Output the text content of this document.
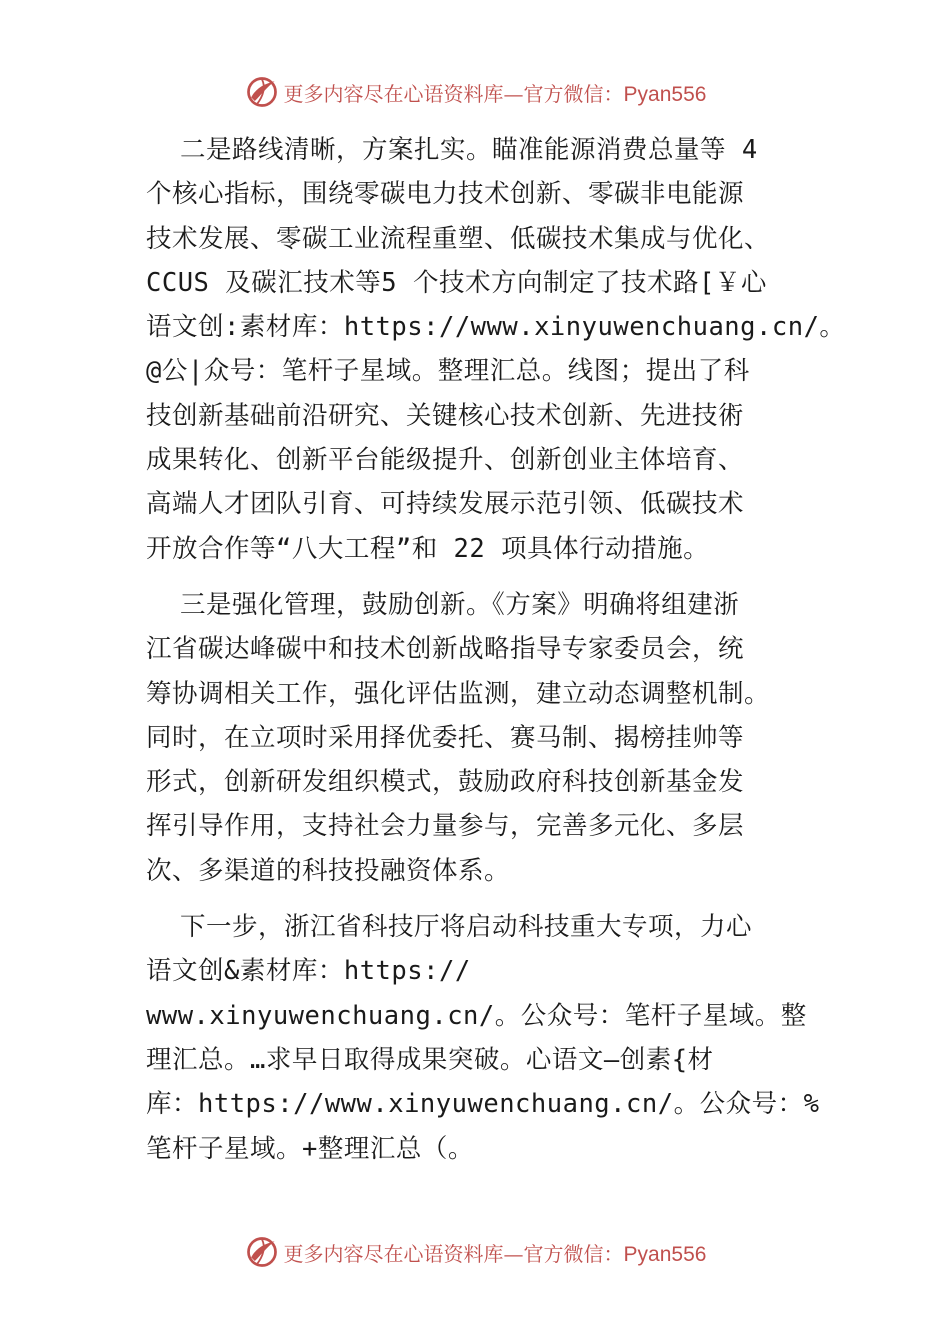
更多内容尽在心语资料库—官方微信：Pyan556

二是路线清晰，方案扎实。瞄准能源消费总量等 4
个核心指标，围绕零碳电力技术创新、零碳非电能源
技术发展、零碳工业流程重塑、低碳技术集成与优化、
CCUS 及碳汇技术等5 个技术方向制定了技术路[￥心
语文创:素材库：https://www.xinyuwenchuang.cn/。
@公|众号：笔杆子星域。整理汇总。线图；提出了科
技创新基础前沿研究、关键核心技术创新、先进技術
成果转化、创新平台能级提升、创新创业主体培育、
高端人才团队引育、可持续发展示范引领、低碳技术
开放合作等“八大工程”和 22 项具体行动措施。

三是强化管理，鼓励创新。《方案》明确将组建浙
江省碳达峰碳中和技术创新战略指导专家委员会，统
筹协调相关工作，强化评估监测，建立动态调整机制。
同时，在立项时采用择优委托、赛马制、揭榜挂帅等
形式，创新研发组织模式，鼓励政府科技创新基金发
挥引导作用，支持社会力量参与，完善多元化、多层
次、多渠道的科技投融资体系。

下一步，浙江省科技厅将启动科技重大专项，力心
语文创&素材库：https://
www.xinyuwenchuang.cn/。公众号：笔杆子星域。整
理汇总。…求早日取得成果突破。心语文—创素{材
库：https://www.xinyuwenchuang.cn/。公众号：%
笔杆子星域。+整理汇总（。

更多内容尽在心语资料库—官方微信：Pyan556
